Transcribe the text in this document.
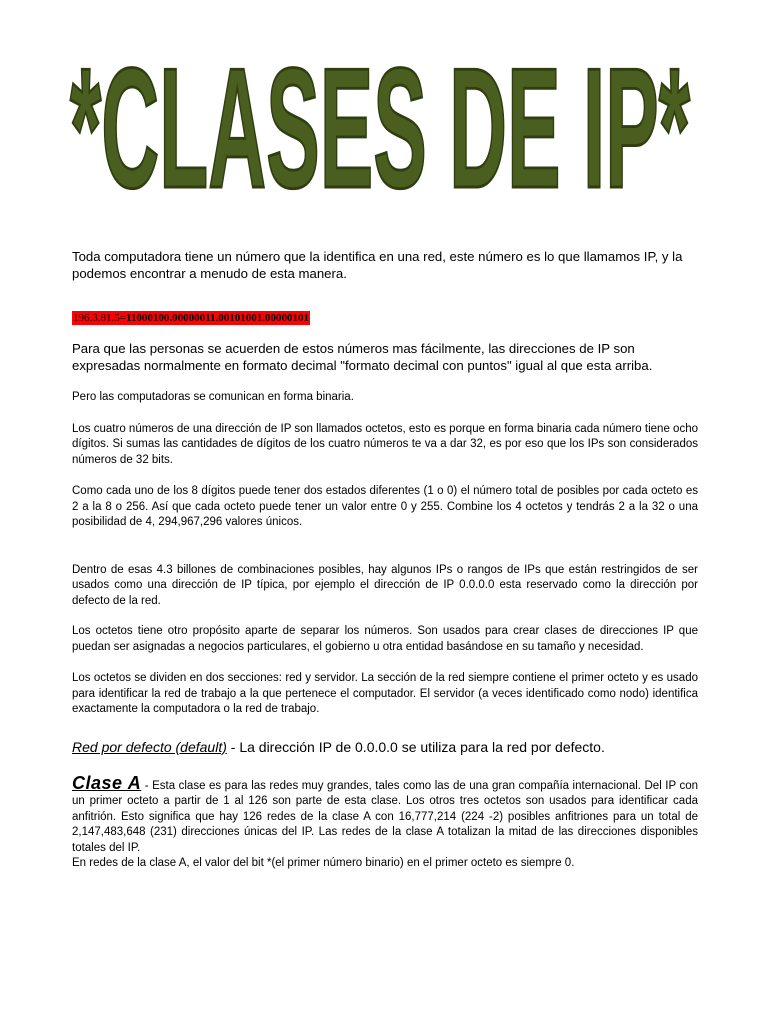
*CLASES DE IP*

Toda computadora tiene un número que la identifica en una red, este número es lo que llamamos IP, y la podemos encontrar a menudo de esta manera.

196.3.81.5=11000100.00000011.00101001.00000101

Para que las personas se acuerden de estos números mas fácilmente, las direcciones de IP son expresadas normalmente en formato decimal "formato decimal con puntos" igual al que esta arriba.

Pero las computadoras se comunican en forma binaria.

Los cuatro números de una dirección de IP son llamados octetos, esto es porque en forma binaria cada número tiene ocho dígitos. Si sumas las cantidades de dígitos de los cuatro números te va a dar 32, es por eso que los IPs son considerados números de 32 bits.

Como cada uno de los 8 dígitos puede tener dos estados diferentes (1 o 0) el número total de posibles por cada octeto es 2 a la 8 o 256. Así que cada octeto puede tener un valor entre 0 y 255. Combine los 4 octetos y tendrás 2 a la 32 o una posibilidad de 4, 294,967,296 valores únicos.

Dentro de esas 4.3 billones de combinaciones posibles, hay algunos IPs o rangos de IPs que están restringidos de ser usados como una dirección de IP típica, por ejemplo el dirección de IP 0.0.0.0 esta reservado como la dirección por defecto de la red.

Los octetos tiene otro propósito aparte de separar los números. Son usados para crear clases de direcciones IP que puedan ser asignadas a negocios particulares, el gobierno u otra entidad basándose en su tamaño y necesidad.

Los octetos se dividen en dos secciones: red y servidor. La sección de la red siempre contiene el primer octeto y es usado para identificar la red de trabajo a la que pertenece el computador. El servidor (a veces identificado como nodo) identifica exactamente la computadora o la red de trabajo.

Red por defecto (default) - La dirección IP de 0.0.0.0 se utiliza para la red por defecto.

Clase A - Esta clase es para las redes muy grandes, tales como las de una gran compañía internacional. Del IP con un primer octeto a partir de 1 al 126 son parte de esta clase. Los otros tres octetos son usados para identificar cada anfitrión. Esto significa que hay 126 redes de la clase A con 16,777,214 (224 -2) posibles anfitriones para un total de 2,147,483,648 (231) direcciones únicas del IP. Las redes de la clase A totalizan la mitad de las direcciones disponibles totales del IP.
En redes de la clase A, el valor del bit *(el primer número binario) en el primer octeto es siempre 0.
